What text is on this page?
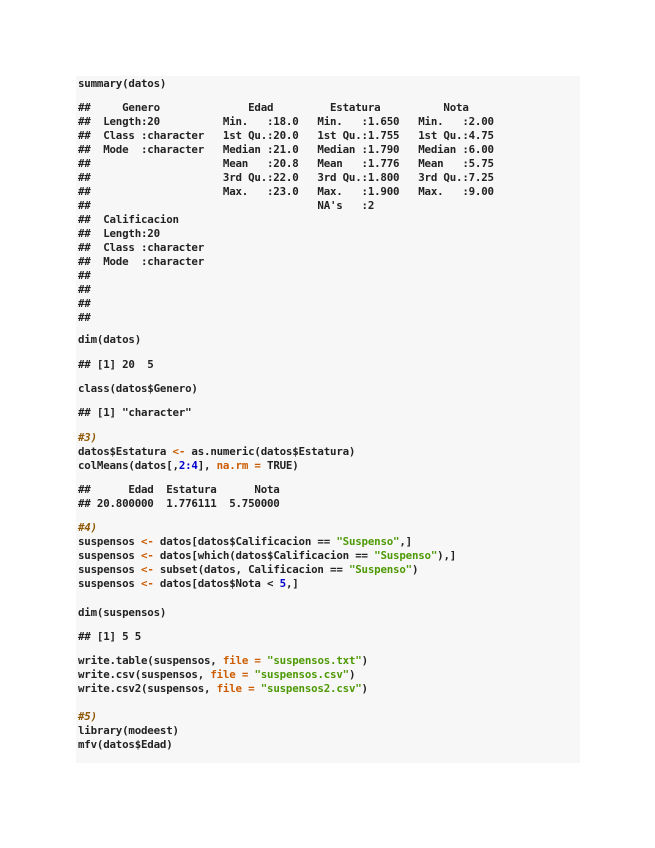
summary(datos)
##     Genero              Edad         Estatura          Nota
##  Length:20          Min.   :18.0   Min.   :1.650   Min.   :2.00
##  Class :character   1st Qu.:20.0   1st Qu.:1.755   1st Qu.:4.75
##  Mode  :character   Median :21.0   Median :1.790   Median :6.00
##                     Mean   :20.8   Mean   :1.776   Mean   :5.75
##                     3rd Qu.:22.0   3rd Qu.:1.800   3rd Qu.:7.25
##                     Max.   :23.0   Max.   :1.900   Max.   :9.00
##                                    NA's   :2
##  Calificacion
##  Length:20
##  Class :character
##  Mode  :character
##
##
##
##
dim(datos)
## [1] 20  5
class(datos$Genero)
## [1] "character"
#3)
datos$Estatura <- as.numeric(datos$Estatura)
colMeans(datos[,2:4], na.rm = TRUE)
##      Edad  Estatura      Nota
## 20.800000  1.776111  5.750000
#4)
suspensos <- datos[datos$Calificacion == "Suspenso",]
suspensos <- datos[which(datos$Calificacion == "Suspenso"),]
suspensos <- subset(datos, Calificacion == "Suspenso")
suspensos <- datos[datos$Nota < 5,]
dim(suspensos)
## [1] 5 5
write.table(suspensos, file = "suspensos.txt")
write.csv(suspensos, file = "suspensos.csv")
write.csv2(suspensos, file = "suspensos2.csv")
#5)
library(modeest)
mfv(datos$Edad)
